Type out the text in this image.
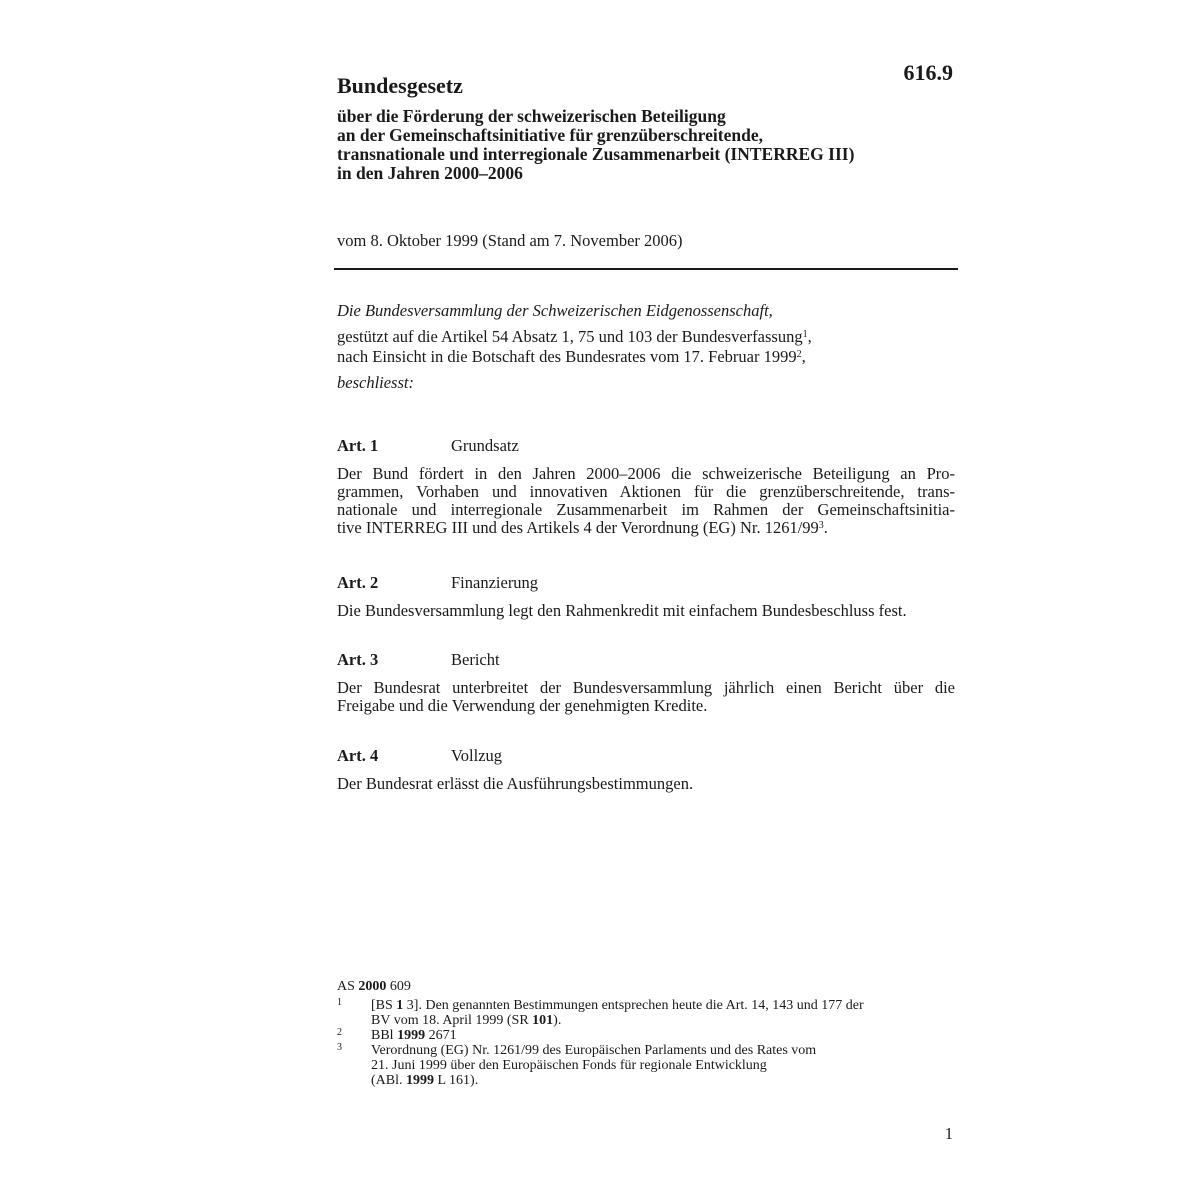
616.9
Bundesgesetz
über die Förderung der schweizerischen Beteiligung
an der Gemeinschaftsinitiative für grenzüberschreitende,
transnationale und interregionale Zusammenarbeit (INTERREG III)
in den Jahren 2000–2006
vom 8. Oktober 1999 (Stand am 7. November 2006)
Die Bundesversammlung der Schweizerischen Eidgenossenschaft,
gestützt auf die Artikel 54 Absatz 1, 75 und 103 der Bundesverfassung$^1$,
nach Einsicht in die Botschaft des Bundesrates vom 17. Februar 1999$^2$,
beschliesst:
Art. 1	Grundsatz
Der Bund fördert in den Jahren 2000–2006 die schweizerische Beteiligung an Pro-
grammen, Vorhaben und innovativen Aktionen für die grenzüberschreitende, trans-
nationale und interregionale Zusammenarbeit im Rahmen der Gemeinschaftsinitia-
tive INTERREG III und des Artikels 4 der Verordnung (EG) Nr. $1261/99^3$.
Art. 2	Finanzierung
Die Bundesversammlung legt den Rahmenkredit mit einfachem Bundesbeschluss fest.
Art. 3	Bericht
Der Bundesrat unterbreitet der Bundesversammlung jährlich einen Bericht über die
Freigabe und die Verwendung der genehmigten Kredite.
Art. 4	Vollzug
Der Bundesrat erlässt die Ausführungsbestimmungen.
AS 2000 609
1 [BS 1 3]. Den genannten Bestimmungen entsprechen heute die Art. 14, 143 und 177 der
BV vom 18. April 1999 (SR 101).
2 BBl 1999 2671
3 Verordnung (EG) Nr. 1261/99 des Europäischen Parlaments und des Rates vom
21. Juni 1999 über den Europäischen Fonds für regionale Entwicklung
(ABl. 1999 L 161).
1
